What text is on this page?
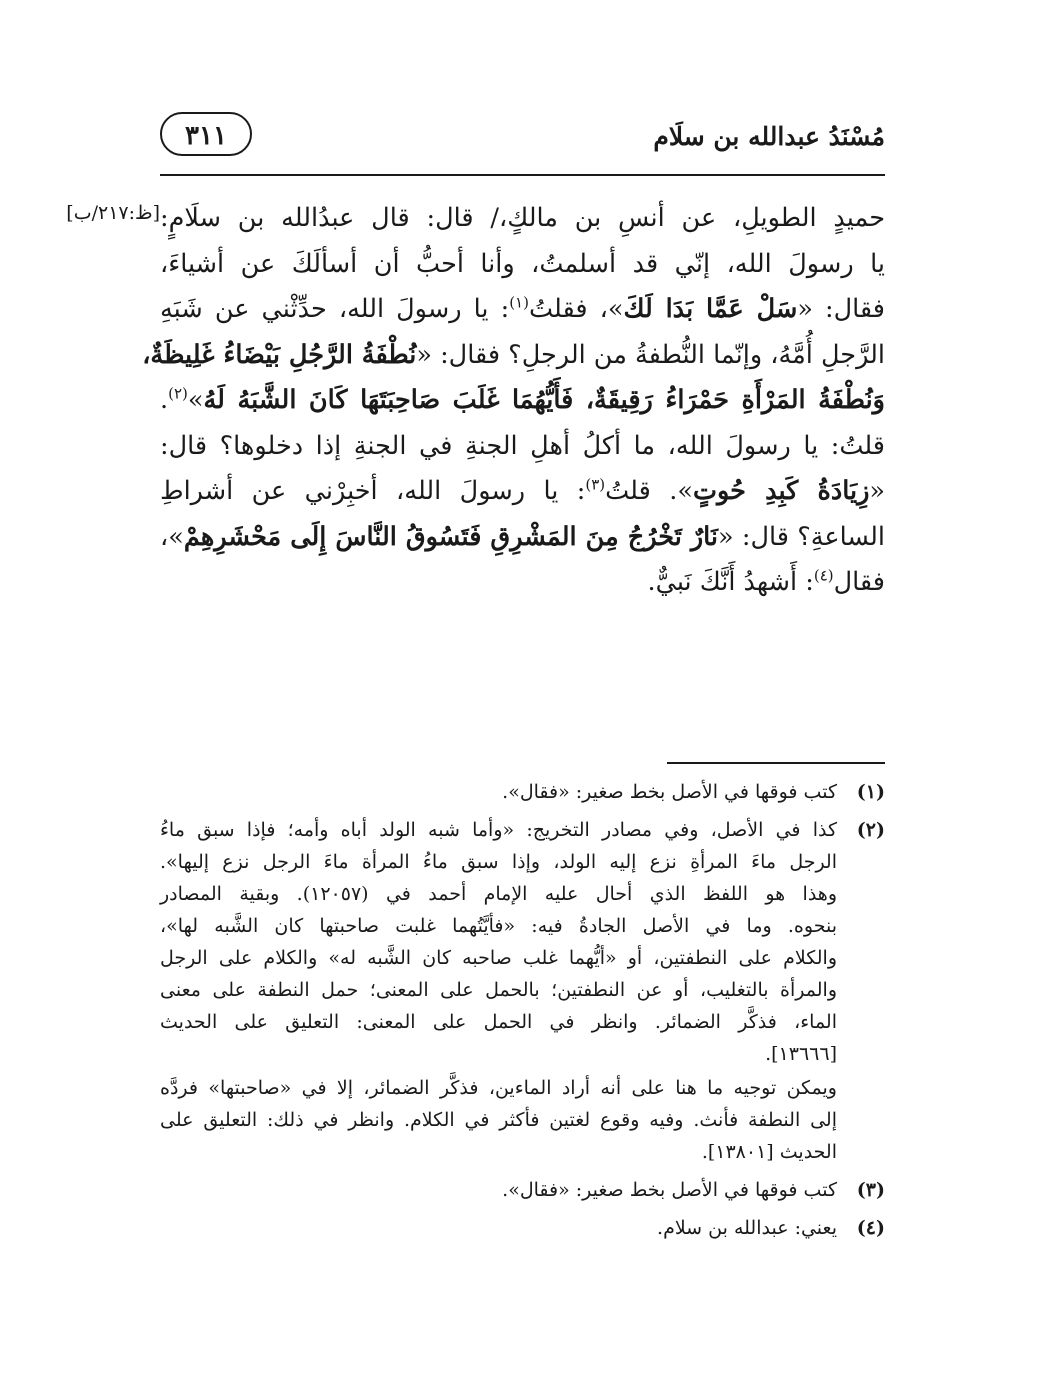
مُسْنَدُ عبدالله بن سلَام
٣١١
[ظ:٢١٧/ب] حميدٍ الطويلِ، عن أنسِ بن مالكٍ،/ قال: قال عبدُالله بن سلَامٍ:
يا رسولَ الله، إنّي قد أسلمتُ، وأنا أحبُّ أن أسألَكَ عن أشياءَ،
فقال: «سَلْ عَمَّا بَدَا لَكَ»، فقلتُ$^{(١)}$: يا رسولَ الله، حدِّثْني عن شَبَهِ
الرَّجلِ أُمَّهُ، وإنّما النُّطفةُ من الرجلِ؟ فقال: «نُطْفَةُ الرَّجُلِ بَيْضَاءُ غَلِيظَةٌ،
وَنُطْفَةُ المَرْأَةِ حَمْرَاءُ رَقِيقَةٌ، فَأَيُّهُمَا غَلَبَ صَاحِبَتَهَا كَانَ الشَّبَهُ لَهُ»$^{(٢)}$.
قلتُ: يا رسولَ الله، ما أكلُ أهلِ الجنةِ في الجنةِ إذا دخلوها؟ قال:
«زِيَادَةُ كَبِدِ حُوتٍ». قلتُ$^{(٣)}$: يا رسولَ الله، أخبِرْني عن أشراطِ
الساعةِ؟ قال: «نَارٌ تَخْرُجُ مِنَ المَشْرِقِ فَتَسُوقُ النَّاسَ إِلَى مَحْشَرِهِمْ»،
فقال$^{(٤)}$: أَشهدُ أَنَّكَ نَبيٌّ.
(١)
كتب فوقها في الأصل بخط صغير: «فقال».
(٢)
كذا في الأصل، وفي مصادر التخريج: «وأما شبه الولد أباه وأمه؛ فإذا سبق ماءُ
الرجل ماءَ المرأةِ نزع إليه الولد، وإذا سبق ماءُ المرأة ماءَ الرجل نزع إليها».
وهذا هو اللفظ الذي أحال عليه الإمام أحمد في (١٢٠٥٧). وبقية المصادر
بنحوه. وما في الأصل الجادةُ فيه: «فأيَّتُهما غلبت صاحبتها كان الشَّبه لها»،
والكلام على النطفتين، أو «أيُّهما غلب صاحبه كان الشَّبه له» والكلام على الرجل
والمرأة بالتغليب، أو عن النطفتين؛ بالحمل على المعنى؛ حمل النطفة على معنى
الماء، فذكَّر الضمائر. وانظر في الحمل على المعنى: التعليق على الحديث
[١٣٦٦٦].
ويمكن توجيه ما هنا على أنه أراد الماءين، فذكَّر الضمائر، إلا في «صاحبتها» فردَّه
إلى النطفة فأنث. وفيه وقوع لغتين فأكثر في الكلام. وانظر في ذلك: التعليق على
الحديث [١٣٨٠١].
(٣)
كتب فوقها في الأصل بخط صغير: «فقال».
(٤)
يعني: عبدالله بن سلام.
